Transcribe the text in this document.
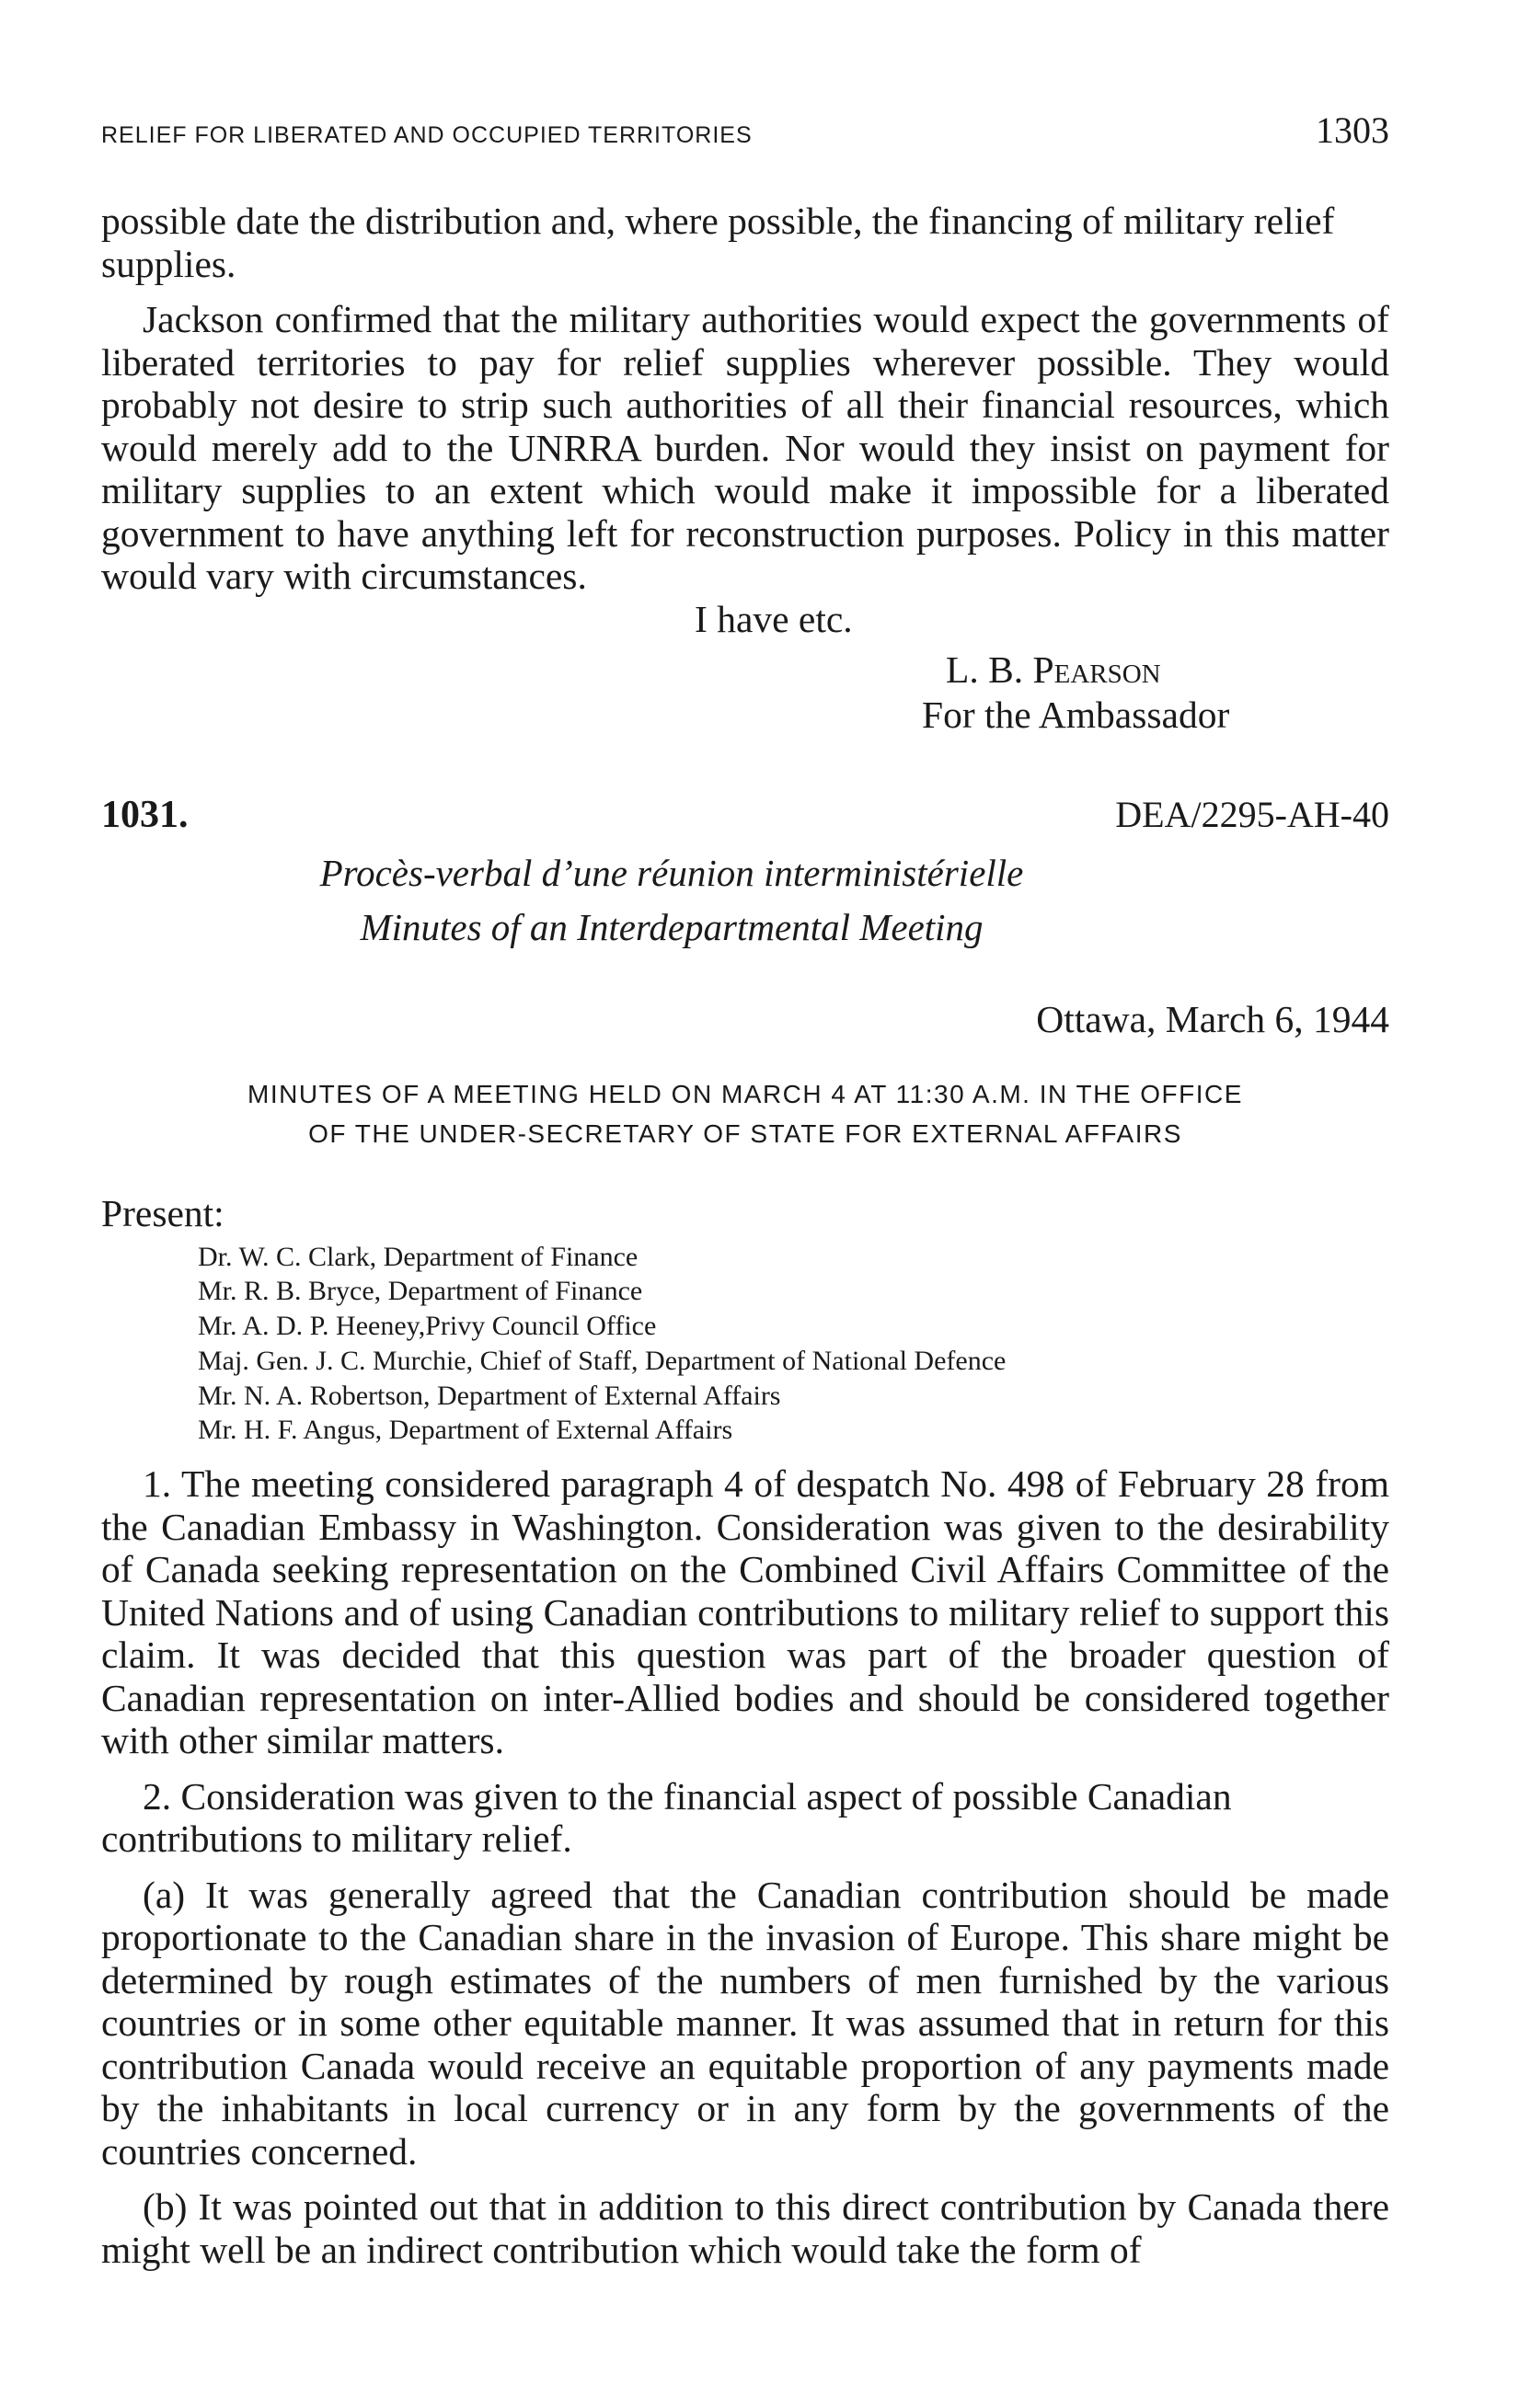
RELIEF FOR LIBERATED AND OCCUPIED TERRITORIES	1303

possible date the distribution and, where possible, the financing of military relief supplies.

Jackson confirmed that the military authorities would expect the governments of liberated territories to pay for relief supplies wherever possible. They would probably not desire to strip such authorities of all their financial resources, which would merely add to the UNRRA burden. Nor would they insist on payment for military supplies to an extent which would make it impossible for a liberated government to have anything left for reconstruction purposes. Policy in this matter would vary with circumstances.

I have etc.
L. B. Pearson
For the Ambassador
1031.	DEA/2295-AH-40
Procès-verbal d’une réunion interministérielle
Minutes of an Interdepartmental Meeting
Ottawa, March 6, 1944
MINUTES OF A MEETING HELD ON MARCH 4 AT 11:30 A.M. IN THE OFFICE
OF THE UNDER-SECRETARY OF STATE FOR EXTERNAL AFFAIRS
Present:
Dr. W. C. Clark, Department of Finance
Mr. R. B. Bryce, Department of Finance
Mr. A. D. P. Heeney,Privy Council Office
Maj. Gen. J. C. Murchie, Chief of Staff, Department of National Defence
Mr. N. A. Robertson, Department of External Affairs
Mr. H. F. Angus, Department of External Affairs

1. The meeting considered paragraph 4 of despatch No. 498 of February 28 from the Canadian Embassy in Washington. Consideration was given to the desirability of Canada seeking representation on the Combined Civil Affairs Committee of the United Nations and of using Canadian contributions to military relief to support this claim. It was decided that this question was part of the broader question of Canadian representation on inter-Allied bodies and should be considered together with other similar matters.

2. Consideration was given to the financial aspect of possible Canadian contributions to military relief.

(a) It was generally agreed that the Canadian contribution should be made proportionate to the Canadian share in the invasion of Europe. This share might be determined by rough estimates of the numbers of men furnished by the various countries or in some other equitable manner. It was assumed that in return for this contribution Canada would receive an equitable proportion of any payments made by the inhabitants in local currency or in any form by the governments of the countries concerned.

(b) It was pointed out that in addition to this direct contribution by Canada there might well be an indirect contribution which would take the form of
